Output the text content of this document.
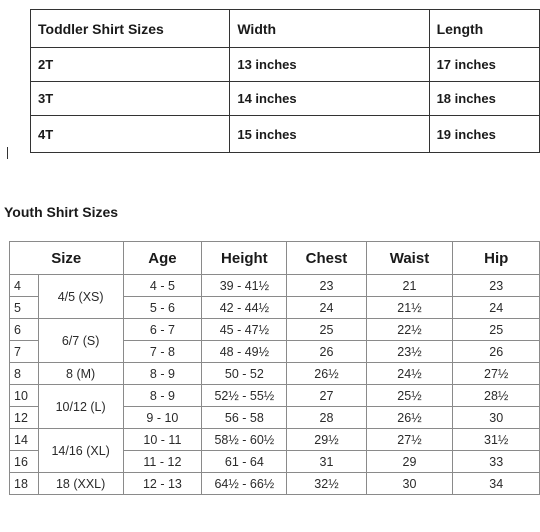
Toddler Shirt Sizes	Width	Length
2T	13 inches	17 inches
3T	14 inches	18 inches
4T	15 inches	19 inches
Youth Shirt Sizes
Size		Age	Height	Chest	Waist	Hip
4	4/5 (XS)	4 - 5	39 - 41½	23	21	23
5		5 - 6	42 - 44½	24	21½	24
6	6/7 (S)	6 - 7	45 - 47½	25	22½	25
7		7 - 8	48 - 49½	26	23½	26
8	8 (M)	8 - 9	50 - 52	26½	24½	27½
10	10/12 (L)	8 - 9	52½ - 55½	27	25½	28½
12		9 - 10	56 - 58	28	26½	30
14	14/16 (XL)	10 - 11	58½ - 60½	29½	27½	31½
16		11 - 12	61 - 64	31	29	33
18	18 (XXL)	12 - 13	64½ - 66½	32½	30	34
